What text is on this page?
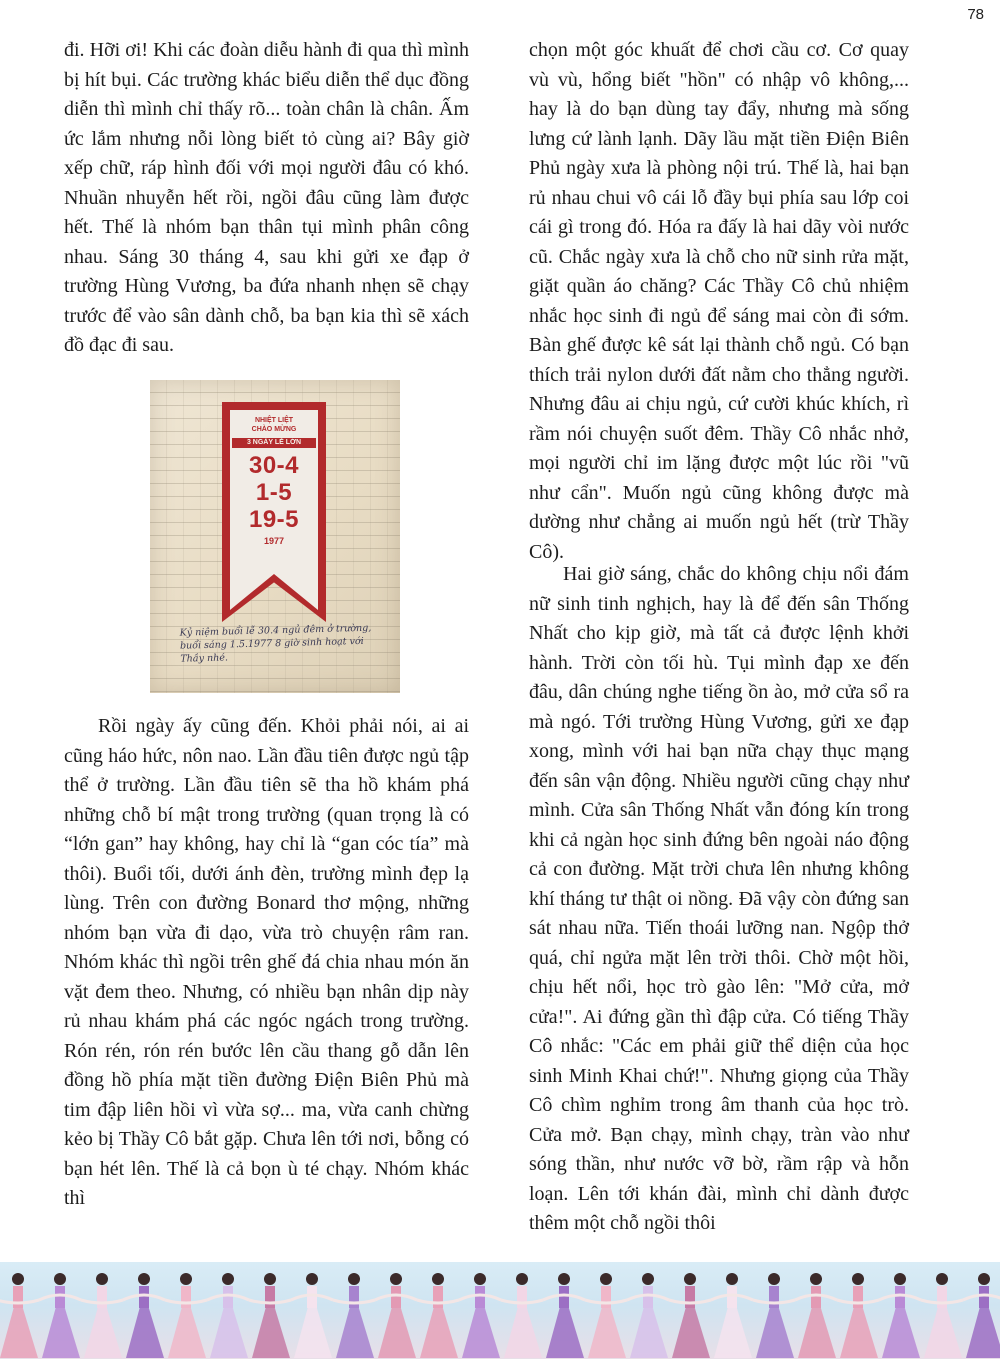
78

đi. Hỡi ơi! Khi các đoàn diễu hành đi qua thì mình bị hít bụi. Các trường khác biểu diễn thể dục đồng diễn thì mình chỉ thấy rõ... toàn chân là chân. Ấm ức lắm nhưng nỗi lòng biết tỏ cùng ai? Bây giờ xếp chữ, ráp hình đối với mọi người đâu có khó. Nhuần nhuyễn hết rồi, ngồi đâu cũng làm được hết. Thế là nhóm bạn thân tụi mình phân công nhau. Sáng 30 tháng 4, sau khi gửi xe đạp ở trường Hùng Vương, ba đứa nhanh nhẹn sẽ chạy trước để vào sân dành chỗ, ba bạn kia thì sẽ xách đồ đạc đi sau.

Rồi ngày ấy cũng đến. Khỏi phải nói, ai ai cũng háo hức, nôn nao. Lần đầu tiên được ngủ tập thể ở trường. Lần đầu tiên sẽ tha hồ khám phá những chỗ bí mật trong trường (quan trọng là có “lớn gan” hay không, hay chỉ là “gan cóc tía” mà thôi). Buổi tối, dưới ánh đèn, trường mình đẹp lạ lùng. Trên con đường Bonard thơ mộng, những nhóm bạn vừa đi dạo, vừa trò chuyện râm ran. Nhóm khác thì ngồi trên ghế đá chia nhau món ăn vặt đem theo. Nhưng, có nhiều bạn nhân dịp này rủ nhau khám phá các ngóc ngách trong trường. Rón rén, rón rén bước lên cầu thang gỗ dẫn lên đồng hồ phía mặt tiền đường Điện Biên Phủ mà tim đập liên hồi vì vừa sợ... ma, vừa canh chừng kẻo bị Thầy Cô bắt gặp. Chưa lên tới nơi, bỗng có bạn hét lên. Thế là cả bọn ù té chạy. Nhóm khác thì

NHIỆT LIỆT
CHÀO MỪNG
3 NGÀY LỄ LỚN
30-4
1-5
19-5
1977
Kỷ niệm buổi lễ 30.4 ngủ đêm ở trường, buổi sáng 1.5.1977 8 giờ sinh hoạt với Thầy nhé.

chọn một góc khuất để chơi cầu cơ. Cơ quay vù vù, hổng biết "hồn" có nhập vô không,... hay là do bạn dùng tay đẩy, nhưng mà sống lưng cứ lành lạnh. Dãy lầu mặt tiền Điện Biên Phủ ngày xưa là phòng nội trú. Thế là, hai bạn rủ nhau chui vô cái lỗ đầy bụi phía sau lớp coi cái gì trong đó. Hóa ra đấy là hai dãy vòi nước cũ. Chắc ngày xưa là chỗ cho nữ sinh rửa mặt, giặt quần áo chăng? Các Thầy Cô chủ nhiệm nhắc học sinh đi ngủ để sáng mai còn đi sớm. Bàn ghế được kê sát lại thành chỗ ngủ. Có bạn thích trải nylon dưới đất nằm cho thẳng người. Nhưng đâu ai chịu ngủ, cứ cười khúc khích, rì rầm nói chuyện suốt đêm. Thầy Cô nhắc nhở, mọi người chỉ im lặng được một lúc rồi "vũ như cẩn". Muốn ngủ cũng không được mà dường như chẳng ai muốn ngủ hết (trừ Thầy Cô).

Hai giờ sáng, chắc do không chịu nổi đám nữ sinh tinh nghịch, hay là để đến sân Thống Nhất cho kịp giờ, mà tất cả được lệnh khởi hành. Trời còn tối hù. Tụi mình đạp xe đến đâu, dân chúng nghe tiếng ồn ào, mở cửa sổ ra mà ngó. Tới trường Hùng Vương, gửi xe đạp xong, mình với hai bạn nữa chạy thục mạng đến sân vận động. Nhiều người cũng chạy như mình. Cửa sân Thống Nhất vẫn đóng kín trong khi cả ngàn học sinh đứng bên ngoài náo động cả con đường. Mặt trời chưa lên nhưng không khí tháng tư thật oi nồng. Đã vậy còn đứng san sát nhau nữa. Tiến thoái lưỡng nan. Ngộp thở quá, chỉ ngửa mặt lên trời thôi. Chờ một hồi, chịu hết nổi, học trò gào lên: "Mở cửa, mở cửa!". Ai đứng gần thì đập cửa. Có tiếng Thầy Cô nhắc: "Các em phải giữ thể diện của học sinh Minh Khai chứ!". Nhưng giọng của Thầy Cô chìm nghỉm trong âm thanh của học trò. Cửa mở. Bạn chạy, mình chạy, tràn vào như sóng thần, như nước vỡ bờ, rầm rập và hỗn loạn. Lên tới khán đài, mình chỉ dành được thêm một chỗ ngồi thôi
